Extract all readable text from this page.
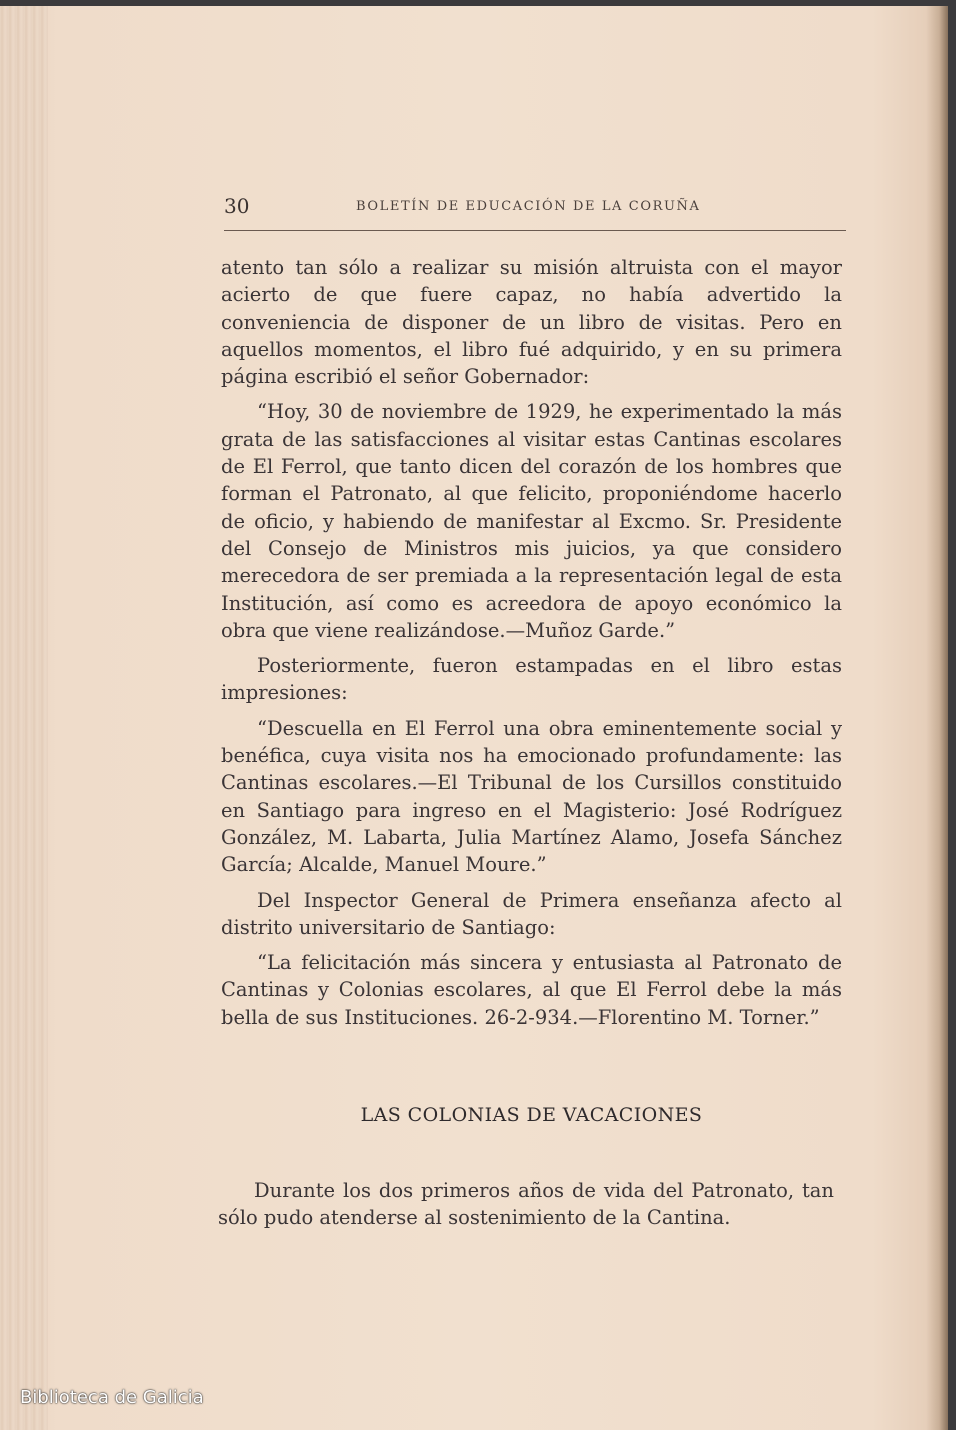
30	BOLETÍN DE EDUCACIÓN DE LA CORUÑA

atento tan sólo a realizar su misión altruista con el mayor acierto de que fuere capaz, no había advertido la conveniencia de disponer de un libro de visitas. Pero en aquellos momentos, el libro fué adquirido, y en su primera página escribió el señor Gobernador:

“Hoy, 30 de noviembre de 1929, he experimentado la más grata de las satisfacciones al visitar estas Cantinas escolares de El Ferrol, que tanto dicen del corazón de los hombres que forman el Patronato, al que felicito, proponiéndome hacerlo de oficio, y habiendo de manifestar al Excmo. Sr. Presidente del Consejo de Ministros mis juicios, ya que considero merecedora de ser premiada a la representación legal de esta Institución, así como es acreedora de apoyo económico la obra que viene realizándose.—Muñoz Garde.”

Posteriormente, fueron estampadas en el libro estas impresiones:

“Descuella en El Ferrol una obra eminentemente social y benéfica, cuya visita nos ha emocionado profundamente: las Cantinas escolares.—El Tribunal de los Cursillos constituido en Santiago para ingreso en el Magisterio: José Rodríguez González, M. Labarta, Julia Martínez Alamo, Josefa Sánchez García; Alcalde, Manuel Moure.”

Del Inspector General de Primera enseñanza afecto al distrito universitario de Santiago:

“La felicitación más sincera y entusiasta al Patronato de Cantinas y Colonias escolares, al que El Ferrol debe la más bella de sus Instituciones. 26-2-934.—Florentino M. Torner.”

LAS COLONIAS DE VACACIONES

Durante los dos primeros años de vida del Patronato, tan sólo pudo atenderse al sostenimiento de la Cantina.

Biblioteca de Galicia
